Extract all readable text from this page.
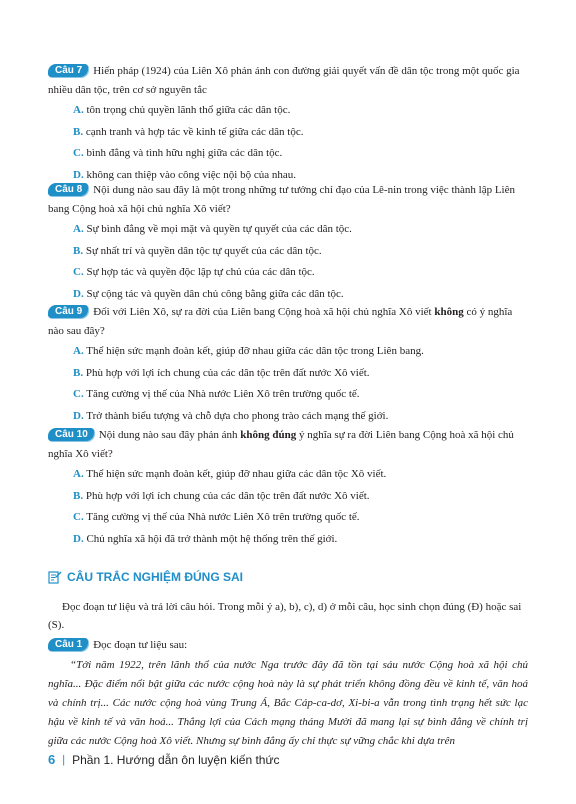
Câu 7 Hiến pháp (1924) của Liên Xô phản ánh con đường giải quyết vấn đề dân tộc trong một quốc gia nhiều dân tộc, trên cơ sở nguyên tắc
A. tôn trọng chủ quyền lãnh thổ giữa các dân tộc.
B. cạnh tranh và hợp tác về kinh tế giữa các dân tộc.
C. bình đẳng và tình hữu nghị giữa các dân tộc.
D. không can thiệp vào công việc nội bộ của nhau.
Câu 8 Nội dung nào sau đây là một trong những tư tưởng chỉ đạo của Lê-nin trong việc thành lập Liên bang Cộng hoà xã hội chủ nghĩa Xô viết?
A. Sự bình đẳng về mọi mặt và quyền tự quyết của các dân tộc.
B. Sự nhất trí và quyền dân tộc tự quyết của các dân tộc.
C. Sự hợp tác và quyền độc lập tự chủ của các dân tộc.
D. Sự cộng tác và quyền dân chủ công bằng giữa các dân tộc.
Câu 9 Đối với Liên Xô, sự ra đời của Liên bang Cộng hoà xã hội chủ nghĩa Xô viết không có ý nghĩa nào sau đây?
A. Thể hiện sức mạnh đoàn kết, giúp đỡ nhau giữa các dân tộc trong Liên bang.
B. Phù hợp với lợi ích chung của các dân tộc trên đất nước Xô viết.
C. Tăng cường vị thế của Nhà nước Liên Xô trên trường quốc tế.
D. Trở thành biểu tượng và chỗ dựa cho phong trào cách mạng thế giới.
Câu 10 Nội dung nào sau đây phản ánh không đúng ý nghĩa sự ra đời Liên bang Cộng hoà xã hội chủ nghĩa Xô viết?
A. Thể hiện sức mạnh đoàn kết, giúp đỡ nhau giữa các dân tộc Xô viết.
B. Phù hợp với lợi ích chung của các dân tộc trên đất nước Xô viết.
C. Tăng cường vị thế của Nhà nước Liên Xô trên trường quốc tế.
D. Chủ nghĩa xã hội đã trở thành một hệ thống trên thế giới.
CÂU TRẮC NGHIỆM ĐÚNG SAI
Đọc đoạn tư liệu và trả lời câu hỏi. Trong mỗi ý a), b), c), d) ở mỗi câu, học sinh chọn đúng (Đ) hoặc sai (S).
Câu 1 Đọc đoạn tư liệu sau:
“Tới năm 1922, trên lãnh thổ của nước Nga trước đây đã tồn tại sáu nước Cộng hoà xã hội chủ nghĩa... Đặc điểm nổi bật giữa các nước cộng hoà này là sự phát triển không đồng đều về kinh tế, văn hoá và chính trị... Các nước cộng hoà vùng Trung Á, Bắc Cáp-ca-dơ, Xi-bi-a vẫn trong tình trạng hết sức lạc hậu về kinh tế và văn hoá... Thắng lợi của Cách mạng tháng Mười đã mang lại sự bình đẳng về chính trị giữa các nước Cộng hoà Xô viết. Nhưng sự bình đẳng ấy chỉ thực sự vững chắc khi dựa trên
6 | Phần 1. Hướng dẫn ôn luyện kiến thức
